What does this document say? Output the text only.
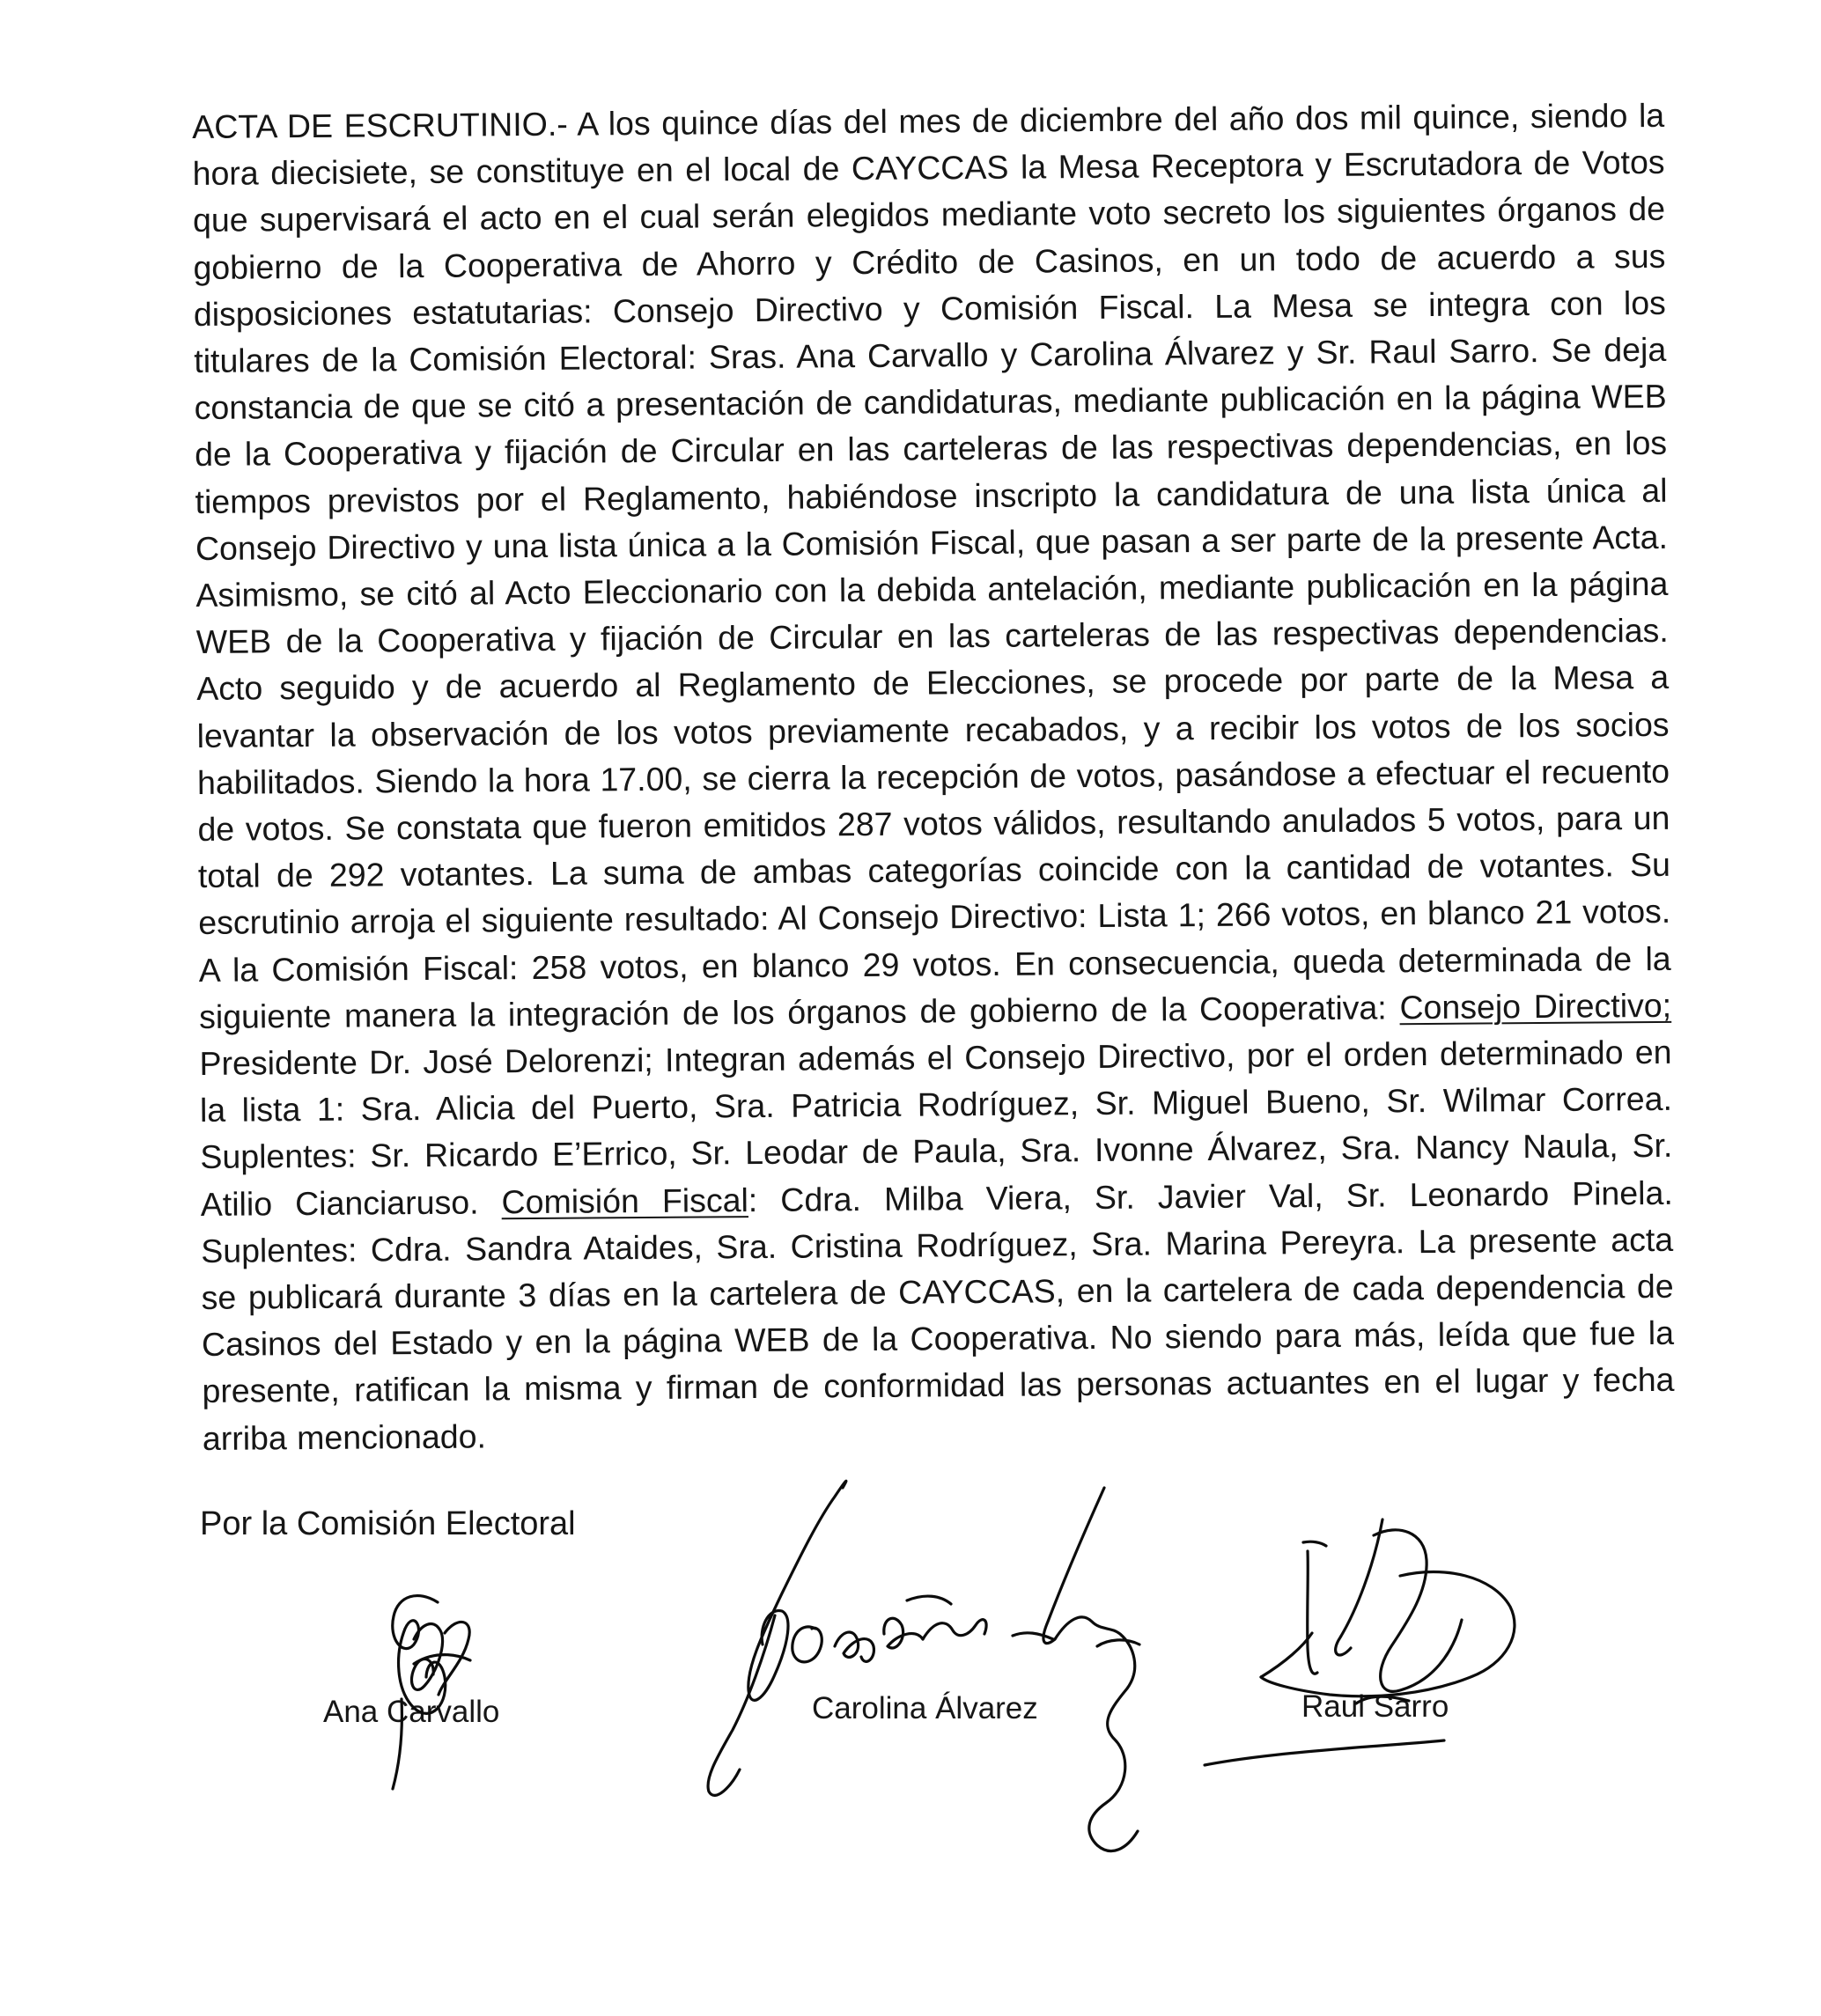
ACTA DE ESCRUTINIO.- A los quince días del mes de diciembre del año dos mil quince, siendo la hora diecisiete, se constituye en el local de CAYCCAS la Mesa Receptora y Escrutadora de Votos que supervisará el acto en el cual serán elegidos mediante voto secreto los siguientes órganos de gobierno de la Cooperativa de Ahorro y Crédito de Casinos, en un todo de acuerdo a sus disposiciones estatutarias: Consejo Directivo y Comisión Fiscal. La Mesa se integra con los titulares de la Comisión Electoral: Sras. Ana Carvallo y Carolina Álvarez y Sr. Raul Sarro. Se deja constancia de que se citó a presentación de candidaturas, mediante publicación en la página WEB de la Cooperativa y fijación de Circular en las carteleras de las respectivas dependencias, en los tiempos previstos por el Reglamento, habiéndose inscripto la candidatura de una lista única al Consejo Directivo y una lista única a la Comisión Fiscal, que pasan a ser parte de la presente Acta. Asimismo, se citó al Acto Eleccionario con la debida antelación, mediante publicación en la página WEB de la Cooperativa y fijación de Circular en las carteleras de las respectivas dependencias. Acto seguido y de acuerdo al Reglamento de Elecciones, se procede por parte de la Mesa a levantar la observación de los votos previamente recabados, y a recibir los votos de los socios habilitados. Siendo la hora 17.00, se cierra la recepción de votos, pasándose a efectuar el recuento de votos. Se constata que fueron emitidos 287 votos válidos, resultando anulados 5 votos, para un total de 292 votantes. La suma de ambas categorías coincide con la cantidad de votantes. Su escrutinio arroja el siguiente resultado: Al Consejo Directivo: Lista 1; 266 votos, en blanco 21 votos. A la Comisión Fiscal: 258 votos, en blanco 29 votos. En consecuencia, queda determinada de la siguiente manera la integración de los órganos de gobierno de la Cooperativa: Consejo Directivo; Presidente Dr. José Delorenzi; Integran además el Consejo Directivo, por el orden determinado en la lista 1: Sra. Alicia del Puerto, Sra. Patricia Rodríguez, Sr. Miguel Bueno, Sr. Wilmar Correa. Suplentes: Sr. Ricardo E’Errico, Sr. Leodar de Paula, Sra. Ivonne Álvarez, Sra. Nancy Naula, Sr. Atilio Cianciaruso. Comisión Fiscal: Cdra. Milba Viera, Sr. Javier Val, Sr. Leonardo Pinela. Suplentes: Cdra. Sandra Ataides, Sra. Cristina Rodríguez, Sra. Marina Pereyra. La presente acta se publicará durante 3 días en la cartelera de CAYCCAS, en la cartelera de cada dependencia de Casinos del Estado y en la página WEB de la Cooperativa. No siendo para más, leída que fue la presente, ratifican la misma y firman de conformidad las personas actuantes en el lugar y fecha arriba mencionado.
Por la Comisión Electoral
Ana Carvallo	Carolina Álvarez	Raul Sarro
